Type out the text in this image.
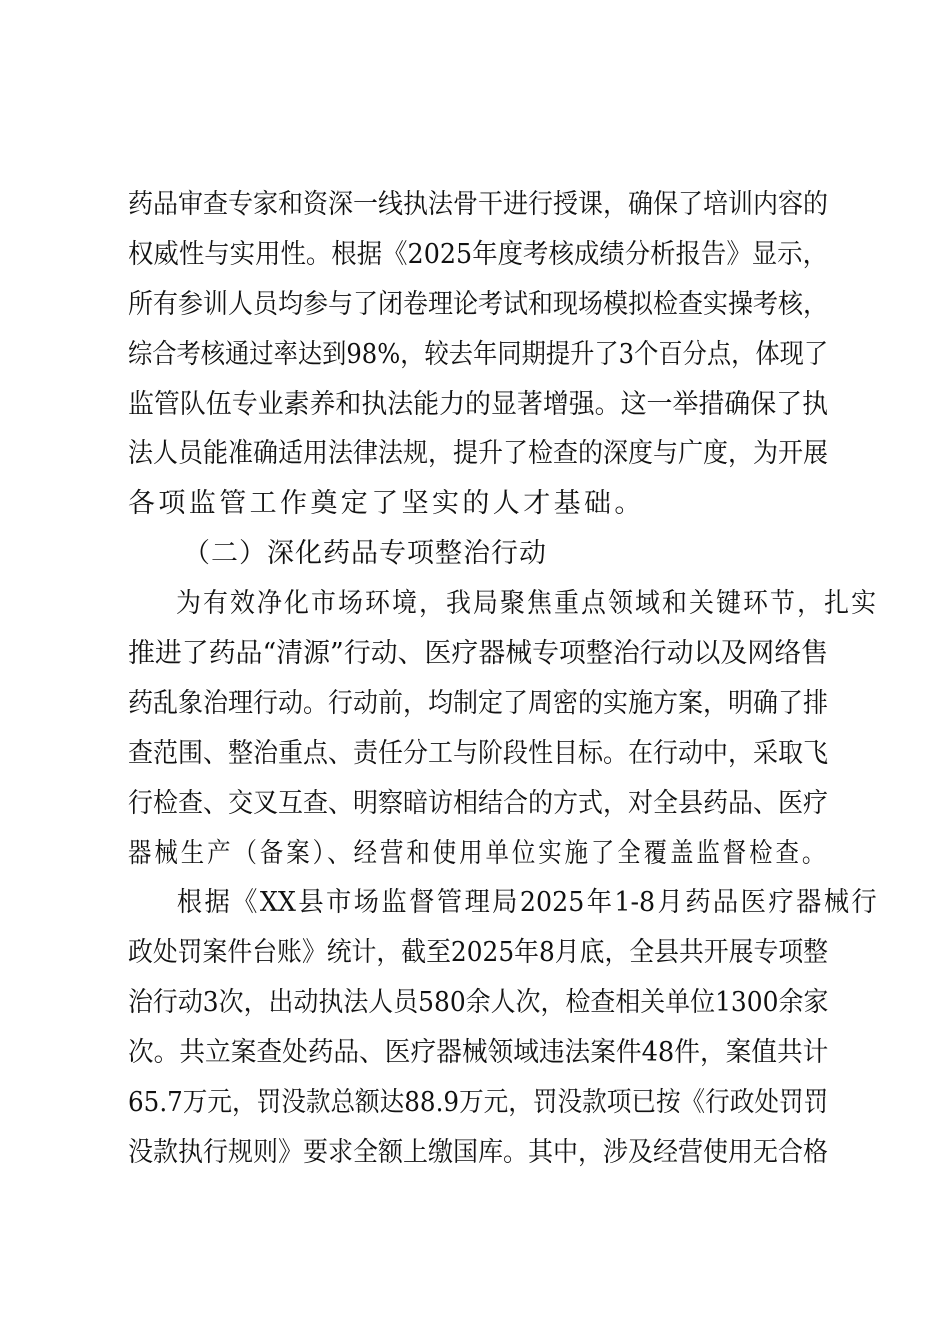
药品审查专家和资深一线执法骨干进行授课，确保了培训内容的
权威性与实用性。根据《2025年度考核成绩分析报告》显示，
所有参训人员均参与了闭卷理论考试和现场模拟检查实操考核，
综合考核通过率达到98%，较去年同期提升了3个百分点，体现了
监管队伍专业素养和执法能力的显著增强。这一举措确保了执
法人员能准确适用法律法规，提升了检查的深度与广度，为开展
各项监管工作奠定了坚实的人才基础。
（二）深化药品专项整治行动
为有效净化市场环境，我局聚焦重点领域和关键环节，扎实
推进了药品“清源”行动、医疗器械专项整治行动以及网络售
药乱象治理行动。行动前，均制定了周密的实施方案，明确了排
查范围、整治重点、责任分工与阶段性目标。在行动中，采取飞
行检查、交叉互查、明察暗访相结合的方式，对全县药品、医疗
器械生产（备案）、经营和使用单位实施了全覆盖监督检查。
根据《XX县市场监督管理局2025年1-8月药品医疗器械行
政处罚案件台账》统计，截至2025年8月底，全县共开展专项整
治行动3次，出动执法人员580余人次，检查相关单位1300余家
次。共立案查处药品、医疗器械领域违法案件48件，案值共计
65.7万元，罚没款总额达88.9万元，罚没款项已按《行政处罚罚
没款执行规则》要求全额上缴国库。其中，涉及经营使用无合格
